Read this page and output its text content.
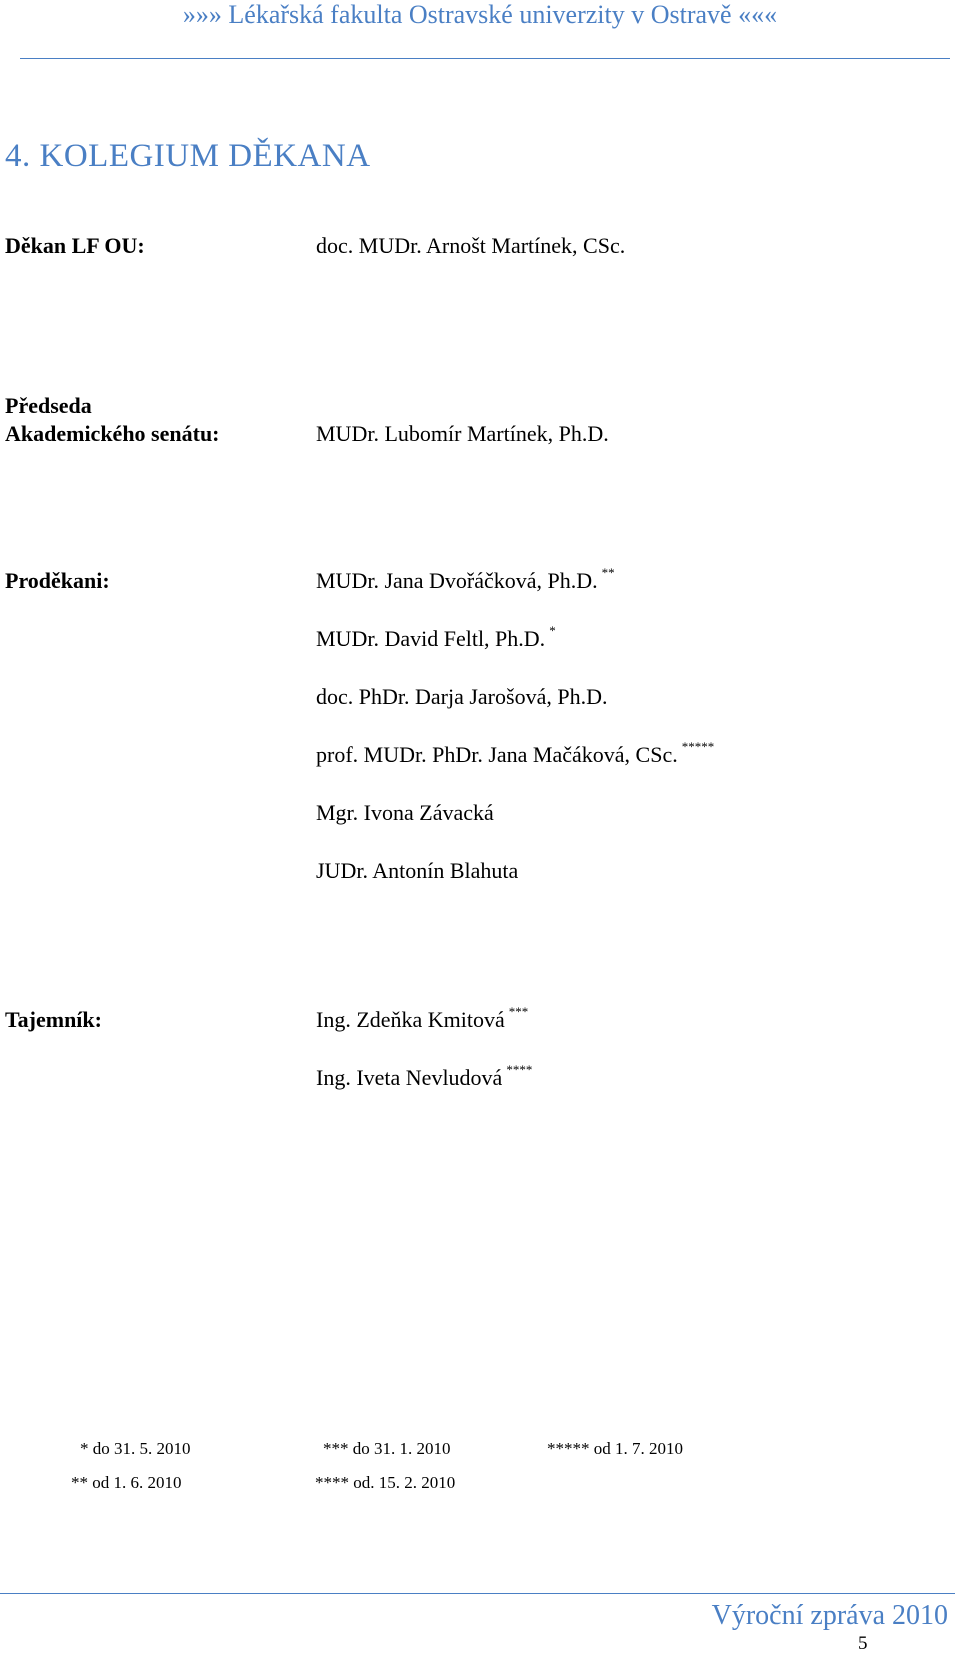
»»» Lékařská fakulta Ostravské univerzity v Ostravě «««
4. KOLEGIUM DĚKANA
Děkan LF OU:	doc. MUDr. Arnošt Martínek, CSc.
Předseda
Akademického senátu:	MUDr. Lubomír Martínek, Ph.D.
Proděkani:	MUDr. Jana Dvořáčková, Ph.D. **
MUDr. David Feltl, Ph.D. *
doc. PhDr. Darja Jarošová, Ph.D.
prof. MUDr. PhDr. Jana Mačáková, CSc. *****
Mgr. Ivona Závacká
JUDr. Antonín Blahuta
Tajemník:	Ing. Zdeňka Kmitová ***
Ing. Iveta Nevludová ****
* do 31. 5. 2010	*** do 31. 1. 2010	***** od 1. 7. 2010
** od 1. 6. 2010	**** od. 15. 2. 2010
Výroční zpráva 2010
5
